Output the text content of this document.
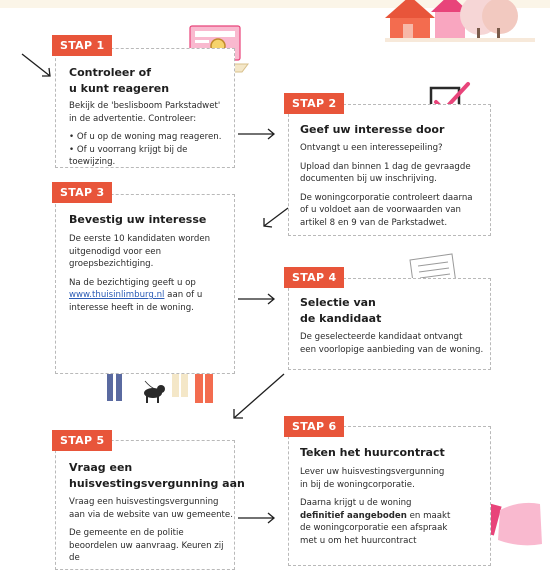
STAP 1
Controleer of
u kunt reageren
Bekijk de 'beslisboom Parkstadwet'
in de advertentie. Controleer:
• Of u op de woning mag reageren.
• Of u voorrang krijgt bij de toewijzing.
STAP 2
Geef uw interesse door

Ontvangt u een interessepeiling?

Upload dan binnen 1 dag de gevraagde
documenten bij uw inschrijving.

De woningcorporatie controleert daarna
of u voldoet aan de voorwaarden van
artikel 8 en 9 van de Parkstadwet.

STAP 3
Bevestig uw interesse

De eerste 10 kandidaten worden
uitgenodigd voor een groepsbezichtiging.

Na de bezichtiging geeft u op
www.thuisinlimburg.nl aan of u
interesse heeft in de woning.

STAP 4
Selectie van
de kandidaat
De geselecteerde kandidaat ontvangt
een voorlopige aanbieding van de woning.
STAP 5
Vraag een
huisvestingsvergunning aan

Vraag een huisvestingsvergunning
aan via de website van uw gemeente.

De gemeente en de politie
beoordelen uw aanvraag. Keuren zij de

STAP 6
Teken het huurcontract

Lever uw huisvestingsvergunning
in bij de woningcorporatie.

Daarna krijgt u de woning
definitief aangeboden en maakt
de woningcorporatie een afspraak
met u om het huurcontract
